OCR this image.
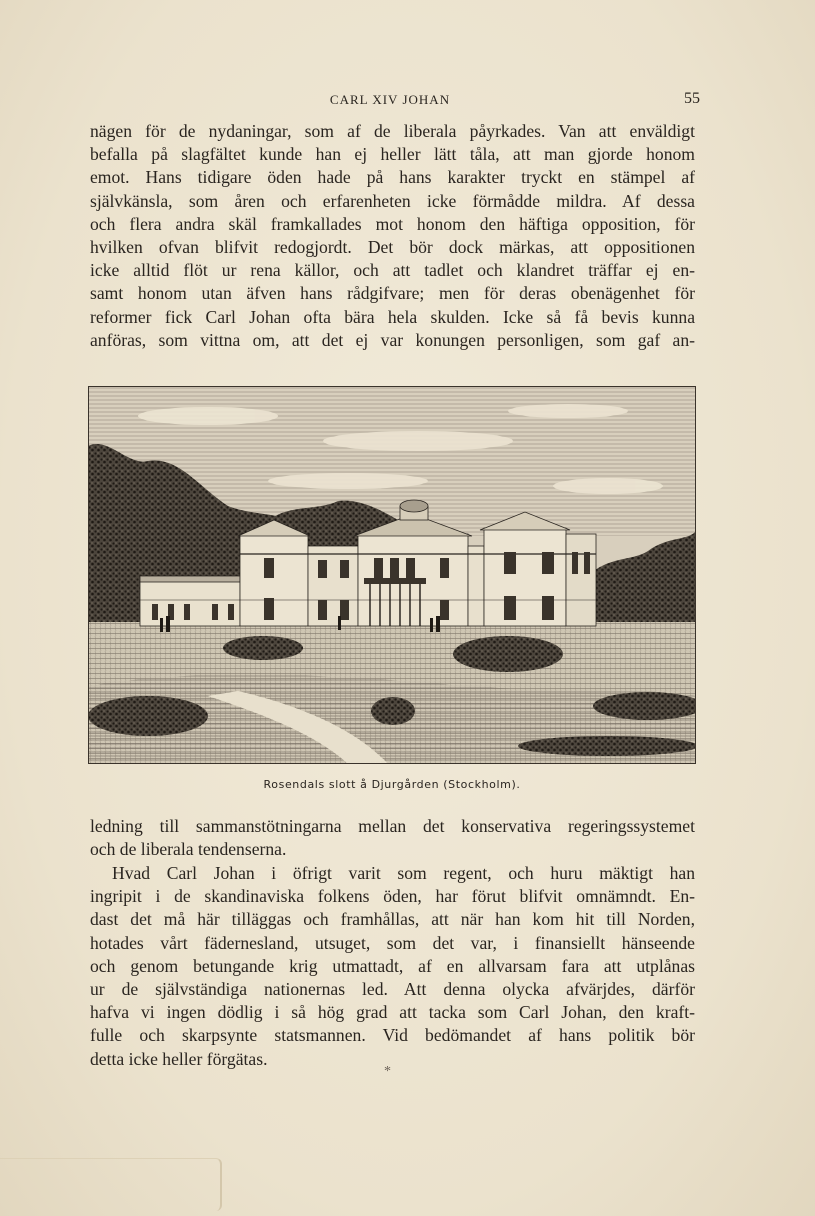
CARL XIV JOHAN	55

nägen för de nydaningar, som af de liberala påyrkades. Van att enväldigt
befalla på slagfältet kunde han ej heller lätt tåla, att man gjorde honom
emot. Hans tidigare öden hade på hans karakter tryckt en stämpel af
självkänsla, som åren och erfarenheten icke förmådde mildra. Af dessa
och flera andra skäl framkallades mot honom den häftiga opposition, för
hvilken ofvan blifvit redogjordt. Det bör dock märkas, att oppositionen
icke alltid flöt ur rena källor, och att tadlet och klandret träffar ej en-
samt honom utan äfven hans rådgifvare; men för deras obenägenhet för
reformer fick Carl Johan ofta bära hela skulden. Icke så få bevis kunna
anföras, som vittna om, att det ej var konungen personligen, som gaf an-

Rosendals slott å Djurgården (Stockholm).

ledning till sammanstötningarna mellan det konservativa regeringssystemet
och de liberala tendenserna.

Hvad Carl Johan i öfrigt varit som regent, och huru mäktigt han
ingripit i de skandinaviska folkens öden, har förut blifvit omnämndt. En-
dast det må här tilläggas och framhållas, att när han kom hit till Norden,
hotades vårt fädernesland, utsuget, som det var, i finansiellt hänseende
och genom betungande krig utmattadt, af en allvarsam fara att utplånas
ur de självständiga nationernas led. Att denna olycka afvärjdes, därför
hafva vi ingen dödlig i så hög grad att tacka som Carl Johan, den kraft-
fulle och skarpsynte statsmannen. Vid bedömandet af hans politik bör
detta icke heller förgätas.

*
